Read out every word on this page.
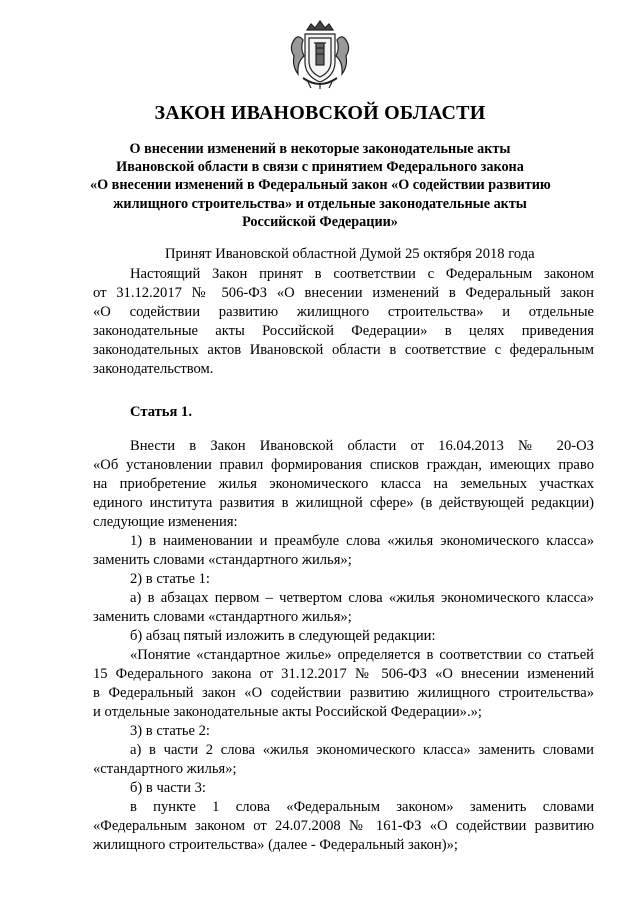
ЗАКОН ИВАНОВСКОЙ ОБЛАСТИ
О внесении изменений в некоторые законодательные акты
Ивановской области в связи с принятием Федерального закона
«О внесении изменений в Федеральный закон «О содействии развитию
жилищного строительства» и отдельные законодательные акты
Российской Федерации»
Принят Ивановской областной Думой 25 октября 2018 года
Настоящий Закон принят в соответствии с Федеральным законом
от 31.12.2017 № 506-ФЗ «О внесении изменений в Федеральный закон
«О содействии развитию жилищного строительства» и отдельные
законодательные акты Российской Федерации» в целях приведения
законодательных актов Ивановской области в соответствие с федеральным
законодательством.
Статья 1.
Внести в Закон Ивановской области от 16.04.2013 № 20-ОЗ
«Об установлении правил формирования списков граждан, имеющих право
на приобретение жилья экономического класса на земельных участках
единого института развития в жилищной сфере» (в действующей редакции)
следующие изменения:
1) в наименовании и преамбуле слова «жилья экономического класса»
заменить словами «стандартного жилья»;
2) в статье 1:
а) в абзацах первом – четвертом слова «жилья экономического класса»
заменить словами «стандартного жилья»;
б) абзац пятый изложить в следующей редакции:
«Понятие «стандартное жилье» определяется в соответствии со статьей
15 Федерального закона от 31.12.2017 № 506-ФЗ «О внесении изменений
в Федеральный закон «О содействии развитию жилищного строительства»
и отдельные законодательные акты Российской Федерации».»;
3) в статье 2:
а) в части 2 слова «жилья экономического класса» заменить словами
«стандартного жилья»;
б) в части 3:
в пункте 1 слова «Федеральным законом» заменить словами
«Федеральным законом от 24.07.2008 № 161-ФЗ «О содействии развитию
жилищного строительства» (далее - Федеральный закон)»;
